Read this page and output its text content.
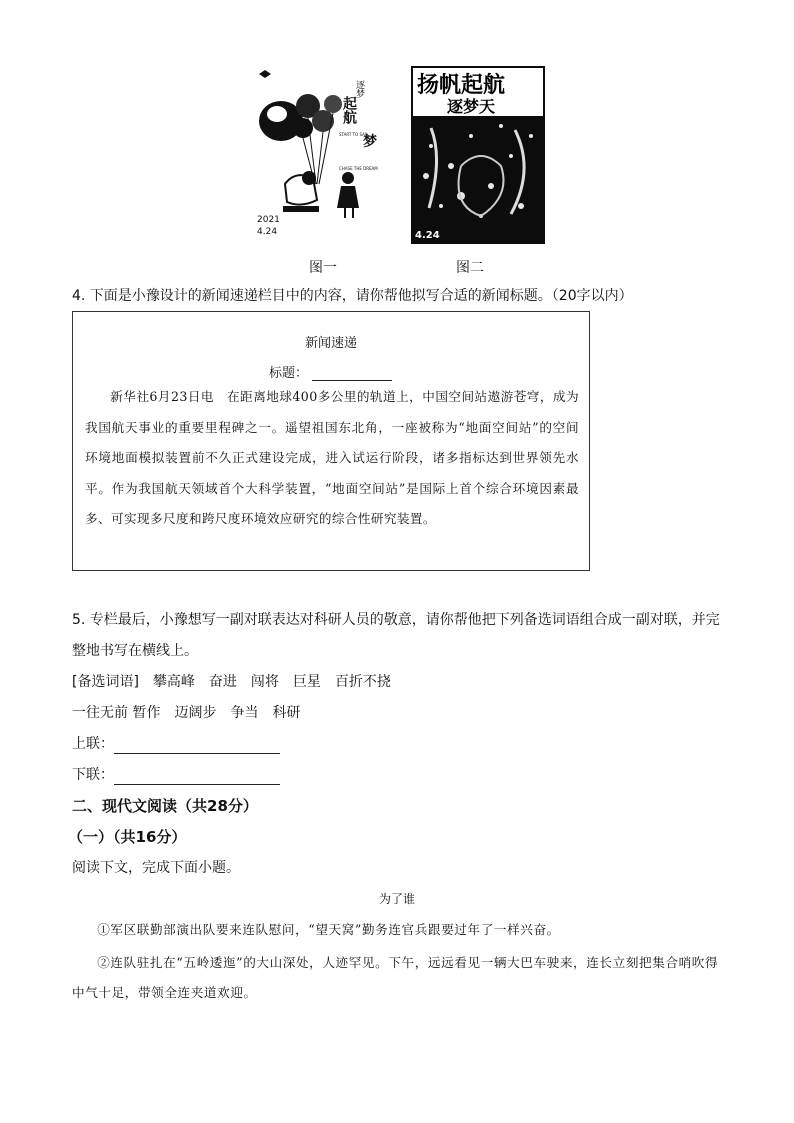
2021
4.24
逐梦
起航
梦
START TO SAIL
CHASE THE DREAM
扬帆起航
逐梦天
4.24
图一	图二
4. 下面是小豫设计的新闻速递栏目中的内容，请你帮他拟写合适的新闻标题。（20字以内）
新闻速递
标题：
新华社6月23日电　在距离地球400多公里的轨道上，中国空间站遨游苍穹，成为我国航天事业的重要里程碑之一。遥望祖国东北角，一座被称为“地面空间站”的空间环境地面模拟装置前不久正式建设完成，进入试运行阶段，诸多指标达到世界领先水平。作为我国航天领域首个大科学装置，“地面空间站”是国际上首个综合环境因素最多、可实现多尺度和跨尺度环境效应研究的综合性研究装置。
5. 专栏最后，小豫想写一副对联表达对科研人员的敬意，请你帮他把下列备选词语组合成一副对联，并完
整地书写在横线上。
[备选词语]　攀高峰　奋进　闯将　巨星　百折不挠
一往无前 暂作　迈阔步　争当　科研
上联：
下联：
二、现代文阅读（共28分）
（一）（共16分）
阅读下文，完成下面小题。
为了谁
①军区联勤部演出队要来连队慰问，“望天窝”勤务连官兵跟要过年了一样兴奋。
②连队驻扎在“五岭逶迤”的大山深处，人迹罕见。下午，远远看见一辆大巴车驶来，连长立刻把集合哨吹得中气十足，带领全连夹道欢迎。
